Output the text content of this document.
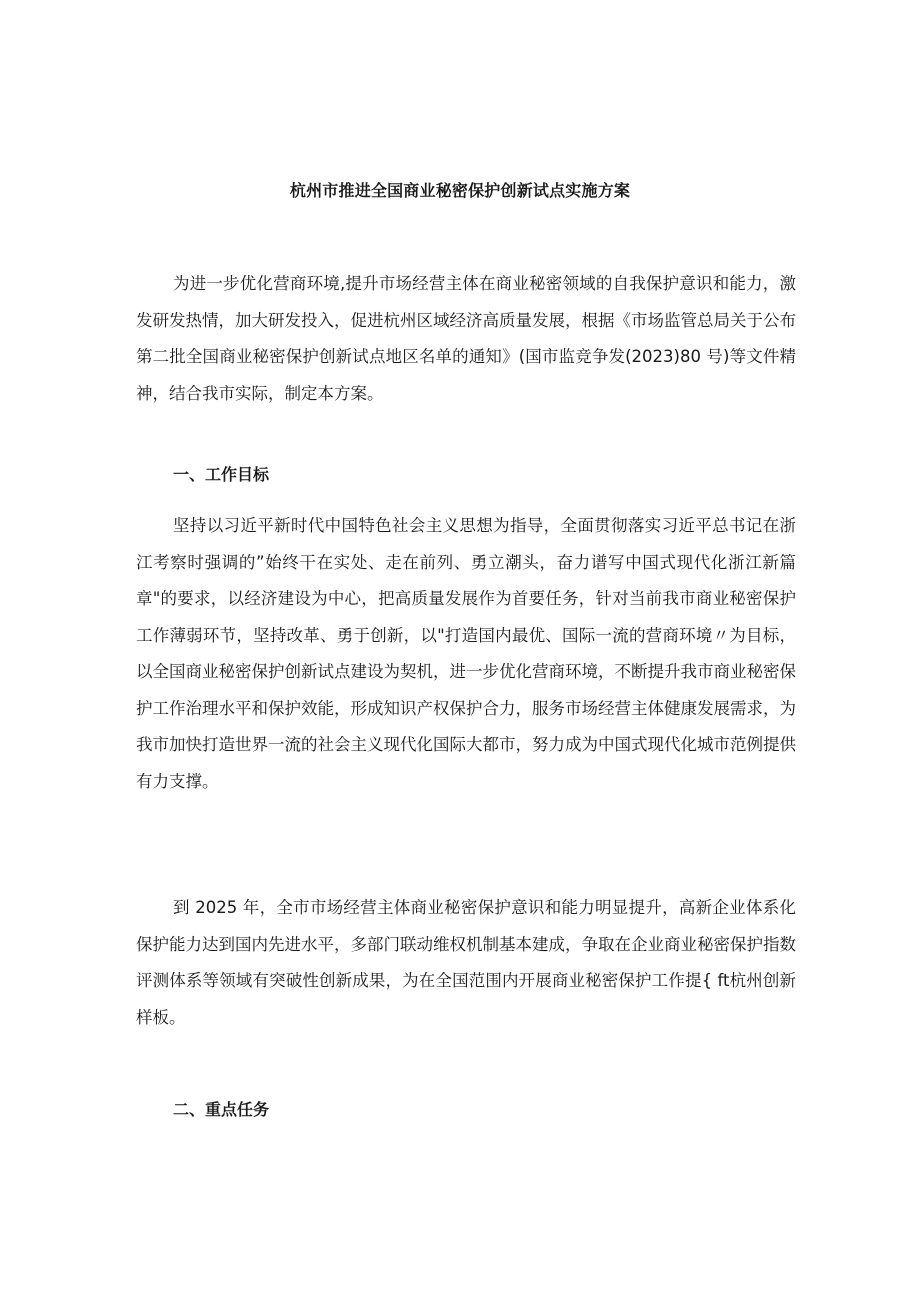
杭州市推进全国商业秘密保护创新试点实施方案

为进一步优化营商环境,提升市场经营主体在商业秘密领域的自我保护意识和能力，激发研发热情，加大研发投入，促进杭州区域经济高质量发展，根据《市场监管总局关于公布第二批全国商业秘密保护创新试点地区名单的通知》(国市监竞争发(2023)80 号)等文件精神，结合我市实际，制定本方案。

一、工作目标

坚持以习近平新时代中国特色社会主义思想为指导，全面贯彻落实习近平总书记在浙江考察时强调的”始终干在实处、走在前列、勇立潮头，奋力谱写中国式现代化浙江新篇章"的要求，以经济建设为中心，把高质量发展作为首要任务，针对当前我市商业秘密保护工作薄弱环节，坚持改革、勇于创新，以"打造国内最优、国际一流的营商环境〃为目标，以全国商业秘密保护创新试点建设为契机，进一步优化营商环境，不断提升我市商业秘密保护工作治理水平和保护效能，形成知识产权保护合力，服务市场经营主体健康发展需求，为我市加快打造世界一流的社会主义现代化国际大都市，努力成为中国式现代化城市范例提供有力支撑。

到 2025 年，全市市场经营主体商业秘密保护意识和能力明显提升，高新企业体系化保护能力达到国内先进水平，多部门联动维权机制基本建成，争取在企业商业秘密保护指数评测体系等领域有突破性创新成果，为在全国范围内开展商业秘密保护工作提{ ft杭州创新样板。

二、重点任务
